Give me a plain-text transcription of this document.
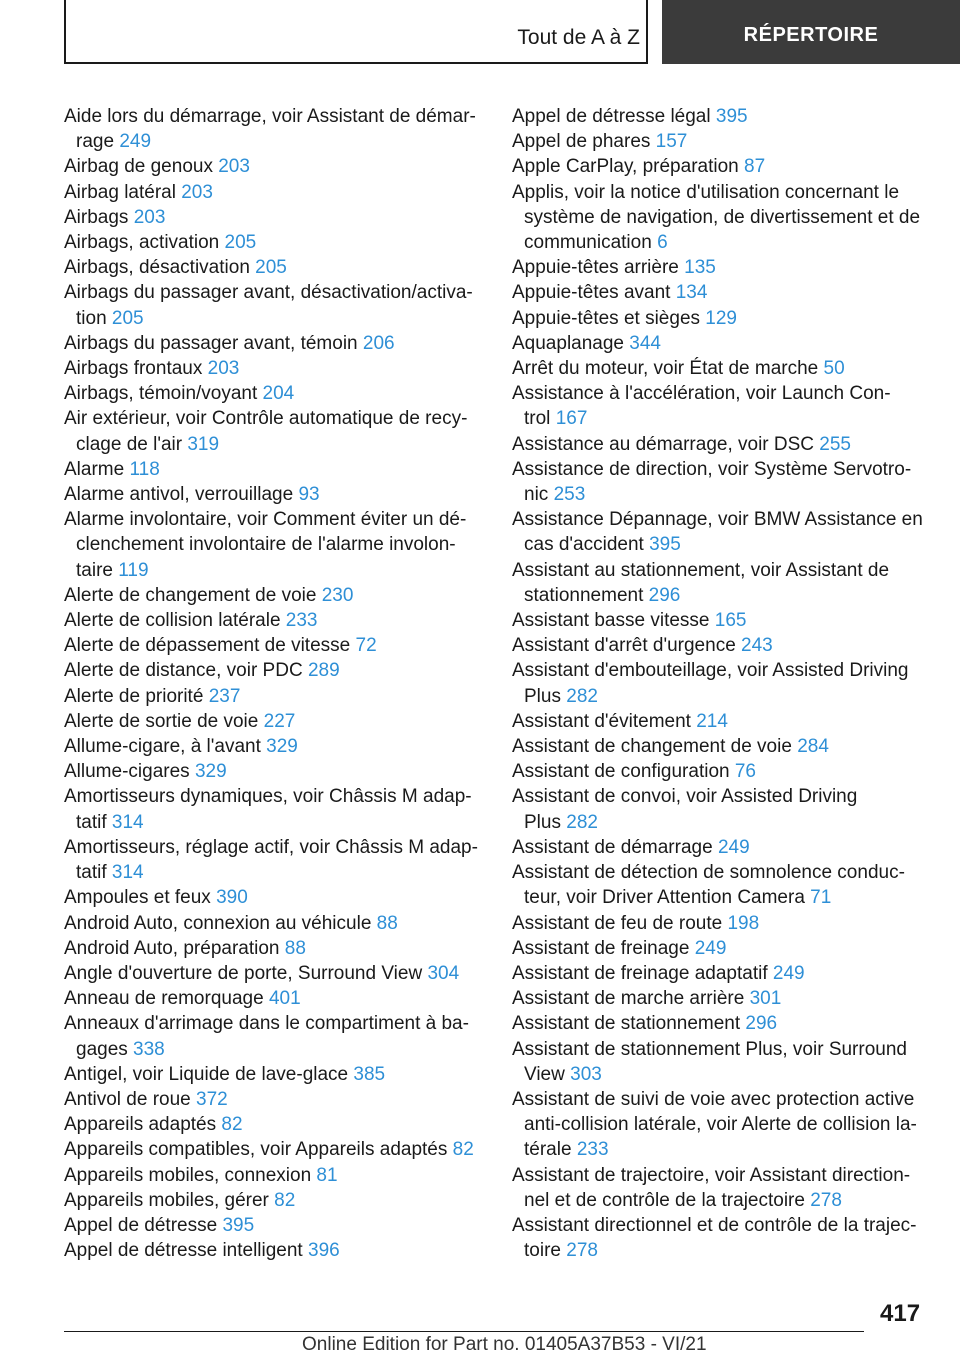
Tout de A à Z	RÉPERTOIRE
Aide lors du démarrage, voir Assistant de démar‐
rage 249
Airbag de genoux 203
Airbag latéral 203
Airbags 203
Airbags, activation 205
Airbags, désactivation 205
Airbags du passager avant, désactivation/activa‐
tion 205
Airbags du passager avant, témoin 206
Airbags frontaux 203
Airbags, témoin/voyant 204
Air extérieur, voir Contrôle automatique de recy‐
clage de l'air 319
Alarme 118
Alarme antivol, verrouillage 93
Alarme involontaire, voir Comment éviter un dé‐
clenchement involontaire de l'alarme involon‐
taire 119
Alerte de changement de voie 230
Alerte de collision latérale 233
Alerte de dépassement de vitesse 72
Alerte de distance, voir PDC 289
Alerte de priorité 237
Alerte de sortie de voie 227
Allume-cigare, à l'avant 329
Allume-cigares 329
Amortisseurs dynamiques, voir Châssis M adap‐
tatif 314
Amortisseurs, réglage actif, voir Châssis M adap‐
tatif 314
Ampoules et feux 390
Android Auto, connexion au véhicule 88
Android Auto, préparation 88
Angle d'ouverture de porte, Surround View 304
Anneau de remorquage 401
Anneaux d'arrimage dans le compartiment à ba‐
gages 338
Antigel, voir Liquide de lave-glace 385
Antivol de roue 372
Appareils adaptés 82
Appareils compatibles, voir Appareils adaptés 82
Appareils mobiles, connexion 81
Appareils mobiles, gérer 82
Appel de détresse 395
Appel de détresse intelligent 396
Appel de détresse légal 395
Appel de phares 157
Apple CarPlay, préparation 87
Applis, voir la notice d'utilisation concernant le
système de navigation, de divertissement et de
communication 6
Appuie-têtes arrière 135
Appuie-têtes avant 134
Appuie-têtes et sièges 129
Aquaplanage 344
Arrêt du moteur, voir État de marche 50
Assistance à l'accélération, voir Launch Con‐
trol 167
Assistance au démarrage, voir DSC 255
Assistance de direction, voir Système Servotro‐
nic 253
Assistance Dépannage, voir BMW Assistance en
cas d'accident 395
Assistant au stationnement, voir Assistant de
stationnement 296
Assistant basse vitesse 165
Assistant d'arrêt d'urgence 243
Assistant d'embouteillage, voir Assisted Driving
Plus 282
Assistant d'évitement 214
Assistant de changement de voie 284
Assistant de configuration 76
Assistant de convoi, voir Assisted Driving
Plus 282
Assistant de démarrage 249
Assistant de détection de somnolence conduc‐
teur, voir Driver Attention Camera 71
Assistant de feu de route 198
Assistant de freinage 249
Assistant de freinage adaptatif 249
Assistant de marche arrière 301
Assistant de stationnement 296
Assistant de stationnement Plus, voir Surround
View 303
Assistant de suivi de voie avec protection active
anti-collision latérale, voir Alerte de collision la‐
térale 233
Assistant de trajectoire, voir Assistant direction‐
nel et de contrôle de la trajectoire 278
Assistant directionnel et de contrôle de la trajec‐
toire 278
417
Online Edition for Part no. 01405A37B53 - VI/21
